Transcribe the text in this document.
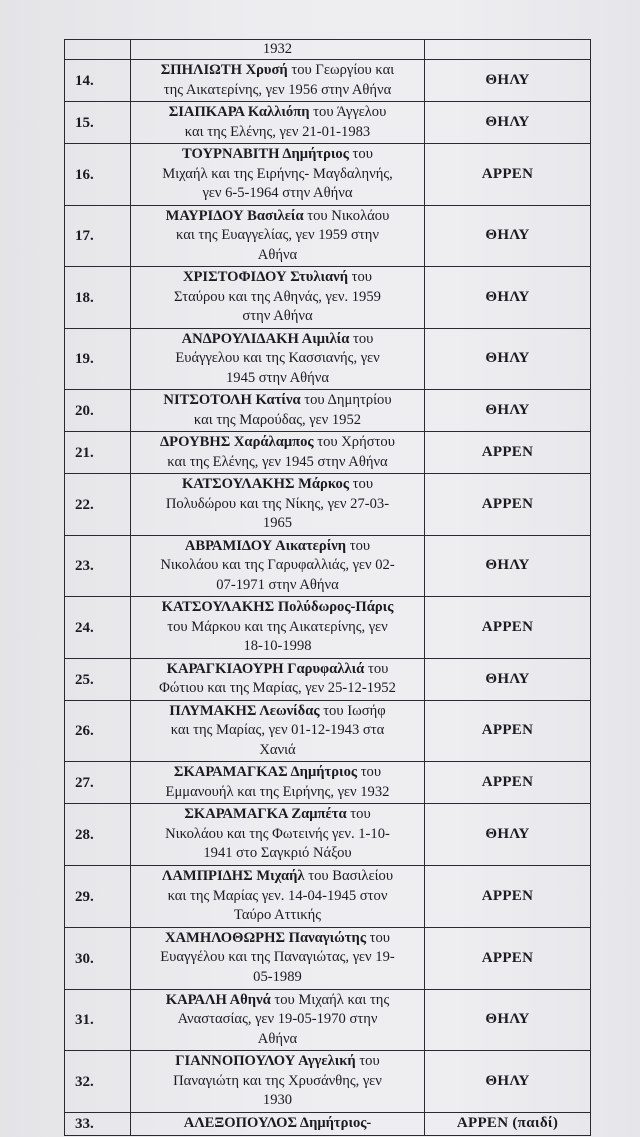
	1932	
14.	ΣΠΗΛΙΩΤΗ Χρυσή του Γεωργίου και
της Αικατερίνης, γεν 1956 στην Αθήνα	ΘΗΛΥ
15.	ΣΙΑΠΚΑΡΑ Καλλιόπη του Άγγελου
και της Ελένης, γεν 21-01-1983	ΘΗΛΥ
16.	ΤΟΥΡΝΑΒΙΤΗ Δημήτριος του
Μιχαήλ και της Ειρήνης- Μαγδαληνής,
γεν 6-5-1964 στην Αθήνα	ΑΡΡΕΝ
17.	ΜΑΥΡΙΔΟΥ Βασιλεία του Νικολάου
και της Ευαγγελίας, γεν 1959 στην
Αθήνα	ΘΗΛΥ
18.	ΧΡΙΣΤΟΦΙΔΟΥ Στυλιανή του
Σταύρου και της Αθηνάς, γεν. 1959
στην Αθήνα	ΘΗΛΥ
19.	ΑΝΔΡΟΥΛΙΔΑΚΗ Αιμιλία του
Ευάγγελου και της Κασσιανής, γεν
1945 στην Αθήνα	ΘΗΛΥ
20.	ΝΙΤΣΟΤΟΛΗ Κατίνα του Δημητρίου
και της Μαρούδας, γεν 1952	ΘΗΛΥ
21.	ΔΡΟΥΒΗΣ Χαράλαμπος του Χρήστου
και της Ελένης, γεν 1945 στην Αθήνα	ΑΡΡΕΝ
22.	ΚΑΤΣΟΥΛΑΚΗΣ Μάρκος του
Πολυδώρου και της Νίκης, γεν 27-03-
1965	ΑΡΡΕΝ
23.	ΑΒΡΑΜΙΔΟΥ Αικατερίνη του
Νικολάου και της Γαρυφαλλιάς, γεν 02-
07-1971 στην Αθήνα	ΘΗΛΥ
24.	ΚΑΤΣΟΥΛΑΚΗΣ Πολύδωρος-Πάρις
του Μάρκου και της Αικατερίνης, γεν
18-10-1998	ΑΡΡΕΝ
25.	ΚΑΡΑΓΚΙΑΟΥΡΗ Γαρυφαλλιά του
Φώτιου και της Μαρίας, γεν 25-12-1952	ΘΗΛΥ
26.	ΠΛΥΜΑΚΗΣ Λεωνίδας του Ιωσήφ
και της Μαρίας, γεν 01-12-1943 στα
Χανιά	ΑΡΡΕΝ
27.	ΣΚΑΡΑΜΑΓΚΑΣ Δημήτριος του
Εμμανουήλ και της Ειρήνης, γεν 1932	ΑΡΡΕΝ
28.	ΣΚΑΡΑΜΑΓΚΑ Ζαμπέτα του
Νικολάου και της Φωτεινής γεν. 1-10-
1941 στο Σαγκριό Νάξου	ΘΗΛΥ
29.	ΛΑΜΠΡΙΔΗΣ Μιχαήλ του Βασιλείου
και της Μαρίας γεν. 14-04-1945 στον
Ταύρο Αττικής	ΑΡΡΕΝ
30.	ΧΑΜΗΛΟΘΩΡΗΣ Παναγιώτης του
Ευαγγέλου και της Παναγιώτας, γεν 19-
05-1989	ΑΡΡΕΝ
31.	ΚΑΡΑΛΗ Αθηνά του Μιχαήλ και της
Αναστασίας, γεν 19-05-1970 στην
Αθήνα	ΘΗΛΥ
32.	ΓΙΑΝΝΟΠΟΥΛΟΥ Αγγελική του
Παναγιώτη και της Χρυσάνθης, γεν
1930	ΘΗΛΥ
33.	ΑΛΕΞΟΠΟΥΛΟΣ Δημήτριος-	ΑΡΡΕΝ (παιδί)
